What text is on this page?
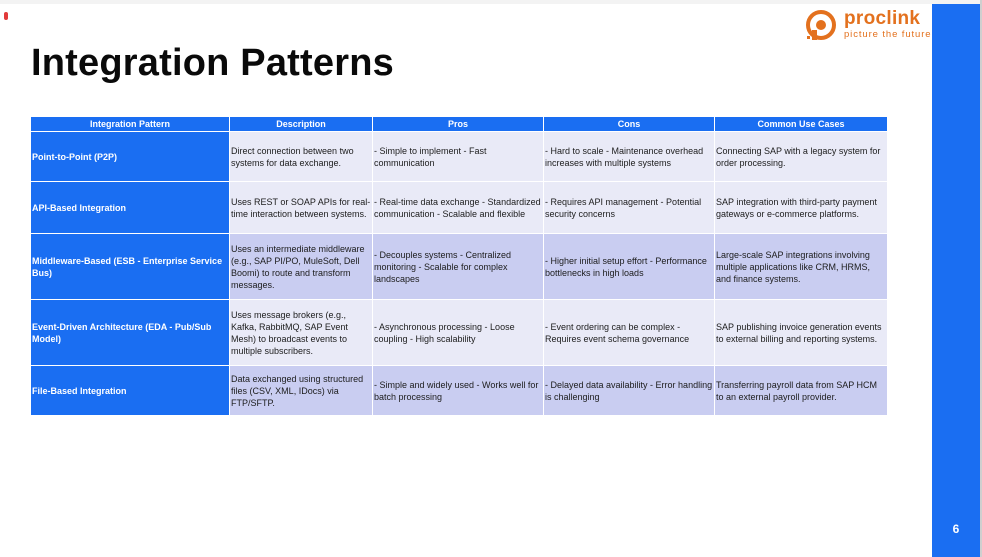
Integration Patterns
proclink
picture the future
Integration Pattern	Description	Pros	Cons	Common Use Cases
Point-to-Point (P2P)	Direct connection between two systems for data exchange.	- Simple to implement - Fast communication	- Hard to scale - Maintenance overhead increases with multiple systems	Connecting SAP with a legacy system for order processing.
API-Based Integration	Uses REST or SOAP APIs for real-time interaction between systems.	- Real-time data exchange - Standardized communication - Scalable and flexible	- Requires API management - Potential security concerns	SAP integration with third-party payment gateways or e-commerce platforms.
Middleware-Based (ESB - Enterprise Service Bus)	Uses an intermediate middleware (e.g., SAP PI/PO, MuleSoft, Dell Boomi) to route and transform messages.	- Decouples systems - Centralized monitoring - Scalable for complex landscapes	- Higher initial setup effort - Performance bottlenecks in high loads	Large-scale SAP integrations involving multiple applications like CRM, HRMS, and finance systems.
Event-Driven Architecture (EDA - Pub/Sub Model)	Uses message brokers (e.g., Kafka, RabbitMQ, SAP Event Mesh) to broadcast events to multiple subscribers.	- Asynchronous processing - Loose coupling - High scalability	- Event ordering can be complex - Requires event schema governance	SAP publishing invoice generation events to external billing and reporting systems.
File-Based Integration	Data exchanged using structured files (CSV, XML, IDocs) via FTP/SFTP.	- Simple and widely used - Works well for batch processing	- Delayed data availability - Error handling is challenging	Transferring payroll data from SAP HCM to an external payroll provider.
6
